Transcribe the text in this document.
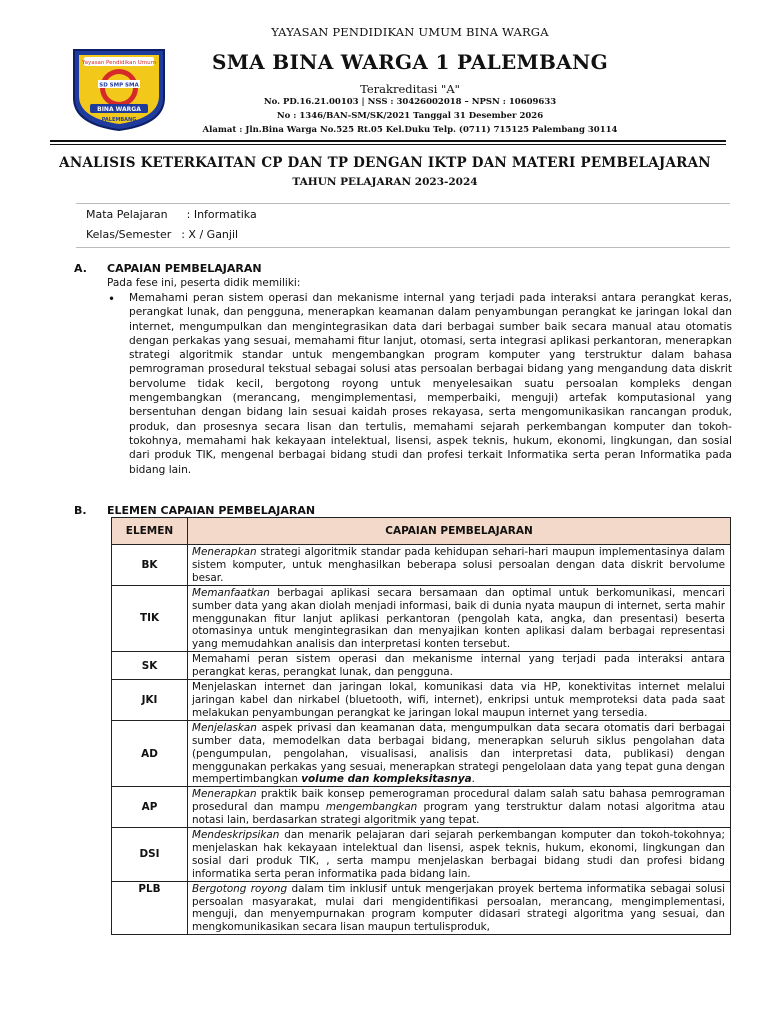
Yayasan Pendidikan Umum
SD SMP SMA
BINA WARGA
PALEMBANG
YAYASAN PENDIDIKAN UMUM BINA WARGA
SMA BINA WARGA 1 PALEMBANG
Terakreditasi "A"
No. PD.16.21.00103 | NSS : 30426002018 – NPSN : 10609633
No : 1346/BAN-SM/SK/2021 Tanggal 31 Desember 2026
Alamat : Jln.Bina Warga No.525 Rt.05 Kel.Duku Telp. (0711) 715125 Palembang 30114
ANALISIS KETERKAITAN CP DAN TP DENGAN IKTP DAN MATERI PEMBELAJARAN
TAHUN PELAJARAN 2023-2024
Mata Pelajaran : Informatika
Kelas/Semester : X / Ganjil
A. CAPAIAN PEMBELAJARAN
Pada fese ini, peserta didik memiliki:
• Memahami peran sistem operasi dan mekanisme internal yang terjadi pada interaksi antara perangkat keras, perangkat lunak, dan pengguna, menerapkan keamanan dalam penyambungan perangkat ke jaringan lokal dan internet, mengumpulkan dan mengintegrasikan data dari berbagai sumber baik secara manual atau otomatis dengan perkakas yang sesuai, memahami fitur lanjut, otomasi, serta integrasi aplikasi perkantoran, menerapkan strategi algoritmik standar untuk mengembangkan program komputer yang terstruktur dalam bahasa pemrograman prosedural tekstual sebagai solusi atas persoalan berbagai bidang yang mengandung data diskrit bervolume tidak kecil, bergotong royong untuk menyelesaikan suatu persoalan kompleks dengan mengembangkan (merancang, mengimplementasi, memperbaiki, menguji) artefak komputasional yang bersentuhan dengan bidang lain sesuai kaidah proses rekayasa, serta mengomunikasikan rancangan produk, produk, dan prosesnya secara lisan dan tertulis, memahami sejarah perkembangan komputer dan tokoh-tokohnya, memahami hak kekayaan intelektual, lisensi, aspek teknis, hukum, ekonomi, lingkungan, dan sosial dari produk TIK, mengenal berbagai bidang studi dan profesi terkait Informatika serta peran Informatika pada bidang lain.
B. ELEMEN CAPAIAN PEMBELAJARAN
ELEMEN	CAPAIAN PEMBELAJARAN
BK	Menerapkan strategi algoritmik standar pada kehidupan sehari-hari maupun implementasinya dalam sistem komputer, untuk menghasilkan beberapa solusi persoalan dengan data diskrit bervolume besar.
TIK	Memanfaatkan berbagai aplikasi secara bersamaan dan optimal untuk berkomunikasi, mencari sumber data yang akan diolah menjadi informasi, baik di dunia nyata maupun di internet, serta mahir menggunakan fitur lanjut aplikasi perkantoran (pengolah kata, angka, dan presentasi) beserta otomasinya untuk mengintegrasikan dan menyajikan konten aplikasi dalam berbagai representasi yang memudahkan analisis dan interpretasi konten tersebut.
SK	Memahami peran sistem operasi dan mekanisme internal yang terjadi pada interaksi antara perangkat keras, perangkat lunak, dan pengguna.
JKI	Menjelaskan internet dan jaringan lokal, komunikasi data via HP, konektivitas internet melalui jaringan kabel dan nirkabel (bluetooth, wifi, internet), enkripsi untuk memproteksi data pada saat melakukan penyambungan perangkat ke jaringan lokal maupun internet yang tersedia.
AD	Menjelaskan aspek privasi dan keamanan data, mengumpulkan data secara otomatis dari berbagai sumber data, memodelkan data berbagai bidang, menerapkan seluruh siklus pengolahan data (pengumpulan, pengolahan, visualisasi, analisis dan interpretasi data, publikasi) dengan menggunakan perkakas yang sesuai, menerapkan strategi pengelolaan data yang tepat guna dengan mempertimbangkan volume dan kompleksitasnya.
AP	Menerapkan praktik baik konsep pemerograman procedural dalam salah satu bahasa pemrograman prosedural dan mampu mengembangkan program yang terstruktur dalam notasi algoritma atau notasi lain, berdasarkan strategi algoritmik yang tepat.
DSI	Mendeskripsikan dan menarik pelajaran dari sejarah perkembangan komputer dan tokoh-tokohnya; menjelaskan hak kekayaan intelektual dan lisensi, aspek teknis, hukum, ekonomi, lingkungan dan sosial dari produk TIK, , serta mampu menjelaskan berbagai bidang studi dan profesi bidang informatika serta peran informatika pada bidang lain.
PLB	Bergotong royong dalam tim inklusif untuk mengerjakan proyek bertema informatika sebagai solusi persoalan masyarakat, mulai dari mengidentifikasi persoalan, merancang, mengimplementasi, menguji, dan menyempurnakan program komputer didasari strategi algoritma yang sesuai, dan mengkomunikasikan secara lisan maupun tertulisproduk,
